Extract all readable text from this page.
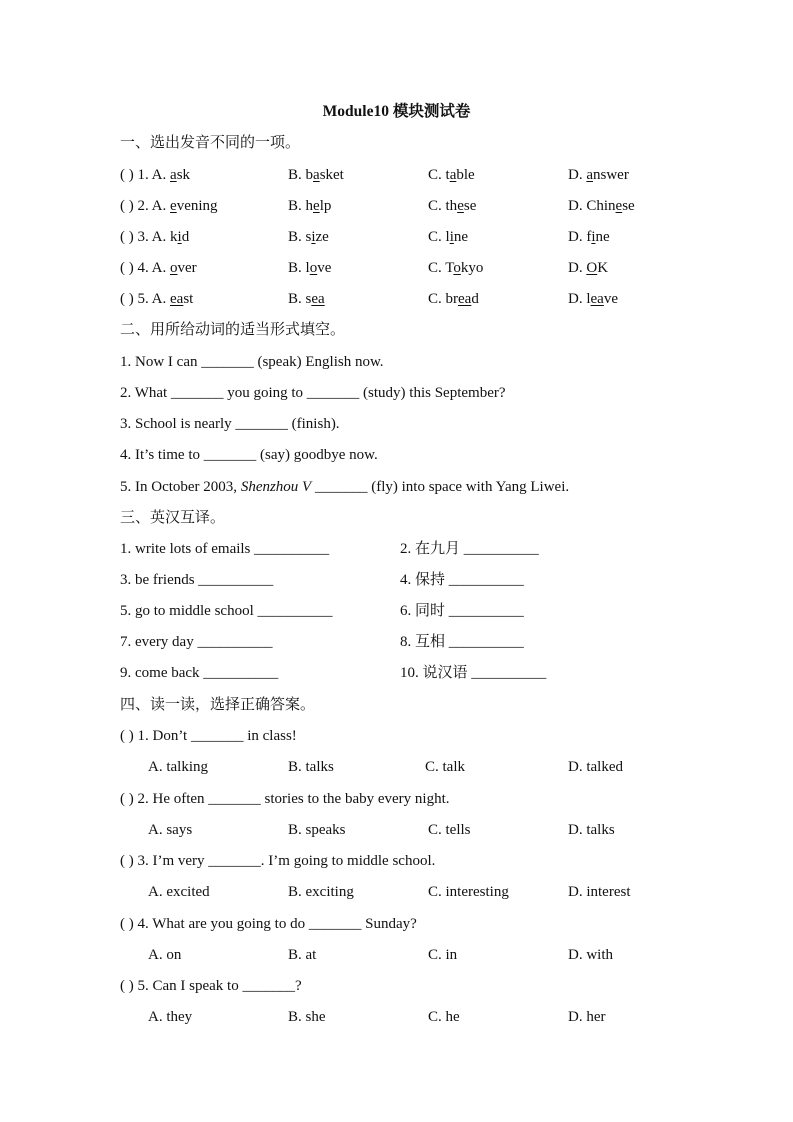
Module10 模块测试卷
一、选出发音不同的一项。
( ) 1. A. ask	B. basket	C. table	D. answer
( ) 2. A. evening	B. help	C. these	D. Chinese
( ) 3. A. kid	B. size	C. line	D. fine
( ) 4. A. over	B. love	C. Tokyo	D. OK
( ) 5. A. east	B. sea	C. bread	D. leave
二、用所给动词的适当形式填空。
1. Now I can _______ (speak) English now.
2. What _______ you going to _______ (study) this September?
3. School is nearly _______ (finish).
4. It’s time to _______ (say) goodbye now.
5. In October 2003, Shenzhou V _______ (fly) into space with Yang Liwei.
三、英汉互译。
1. write lots of emails __________	2. 在九月 __________
3. be friends __________	4. 保持 __________
5. go to middle school __________	6. 同时 __________
7. every day __________	8. 互相 __________
9. come back __________	10. 说汉语 __________
四、读一读，选择正确答案。
( ) 1. Don’t _______ in class!
A. talking	B. talks	C. talk	D. talked
( ) 2. He often _______ stories to the baby every night.
A. says	B. speaks	C. tells	D. talks
( ) 3. I’m very _______. I’m going to middle school.
A. excited	B. exciting	C. interesting	D. interest
( ) 4. What are you going to do _______ Sunday?
A. on	B. at	C. in	D. with
( ) 5. Can I speak to _______?
A. they	B. she	C. he	D. her
